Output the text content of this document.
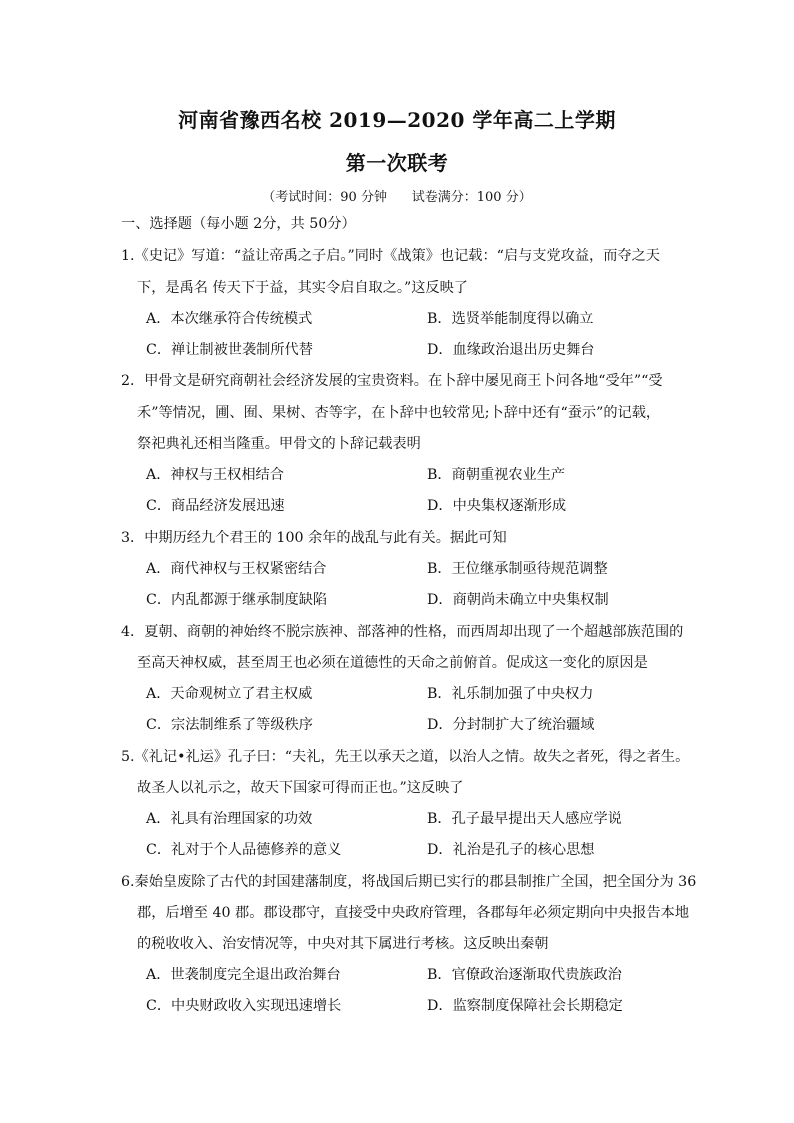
河南省豫西名校 2019—2020 学年高二上学期
第一次联考
（考试时间：90 分钟      试卷满分：100 分）
一、选择题（每小题 2分，共 50分）
1.《史记》写道：“益让帝禹之子启。”同时《战策》也记载：“启与支党攻益，而夺之天
下，是禹名 传天下于益，其实令启自取之。”这反映了
A．本次继承符合传统模式	B．选贤举能制度得以确立
C．禅让制被世袭制所代替	D．血缘政治退出历史舞台
2．甲骨文是研究商朝社会经济发展的宝贵资料。在卜辞中屡见商王卜问各地“受年”“受
禾”等情况，圃、囿、果树、杏等字，在卜辞中也较常见;卜辞中还有“蚕示”的记载，
祭祀典礼还相当隆重。甲骨文的卜辞记载表明
A．神权与王权相结合	B．商朝重视农业生产
C．商品经济发展迅速	D．中央集权逐渐形成
3．中期历经九个君王的 100 余年的战乱与此有关。据此可知
A．商代神权与王权紧密结合	B．王位继承制亟待规范调整
C．内乱都源于继承制度缺陷	D．商朝尚未确立中央集权制
4．夏朝、商朝的神始终不脱宗族神、部落神的性格，而西周却出现了一个超越部族范围的
至高天神权威，甚至周王也必须在道德性的天命之前俯首。促成这一变化的原因是
A．天命观树立了君主权威	B．礼乐制加强了中央权力
C．宗法制维系了等级秩序	D．分封制扩大了统治疆域
5.《礼记•礼运》孔子曰：“夫礼，先王以承天之道，以治人之情。故失之者死，得之者生。
故圣人以礼示之，故天下国家可得而正也。”这反映了
A．礼具有治理国家的功效	B．孔子最早提出天人感应学说
C．礼对于个人品德修养的意义	D．礼治是孔子的核心思想
6.秦始皇废除了古代的封国建藩制度，将战国后期已实行的郡县制推广全国，把全国分为 36
郡，后增至 40 郡。郡设郡守，直接受中央政府管理，各郡每年必须定期向中央报告本地
的税收收入、治安情况等，中央对其下属进行考核。这反映出秦朝
A．世袭制度完全退出政治舞台	B．官僚政治逐渐取代贵族政治
C．中央财政收入实现迅速增长	D．监察制度保障社会长期稳定
